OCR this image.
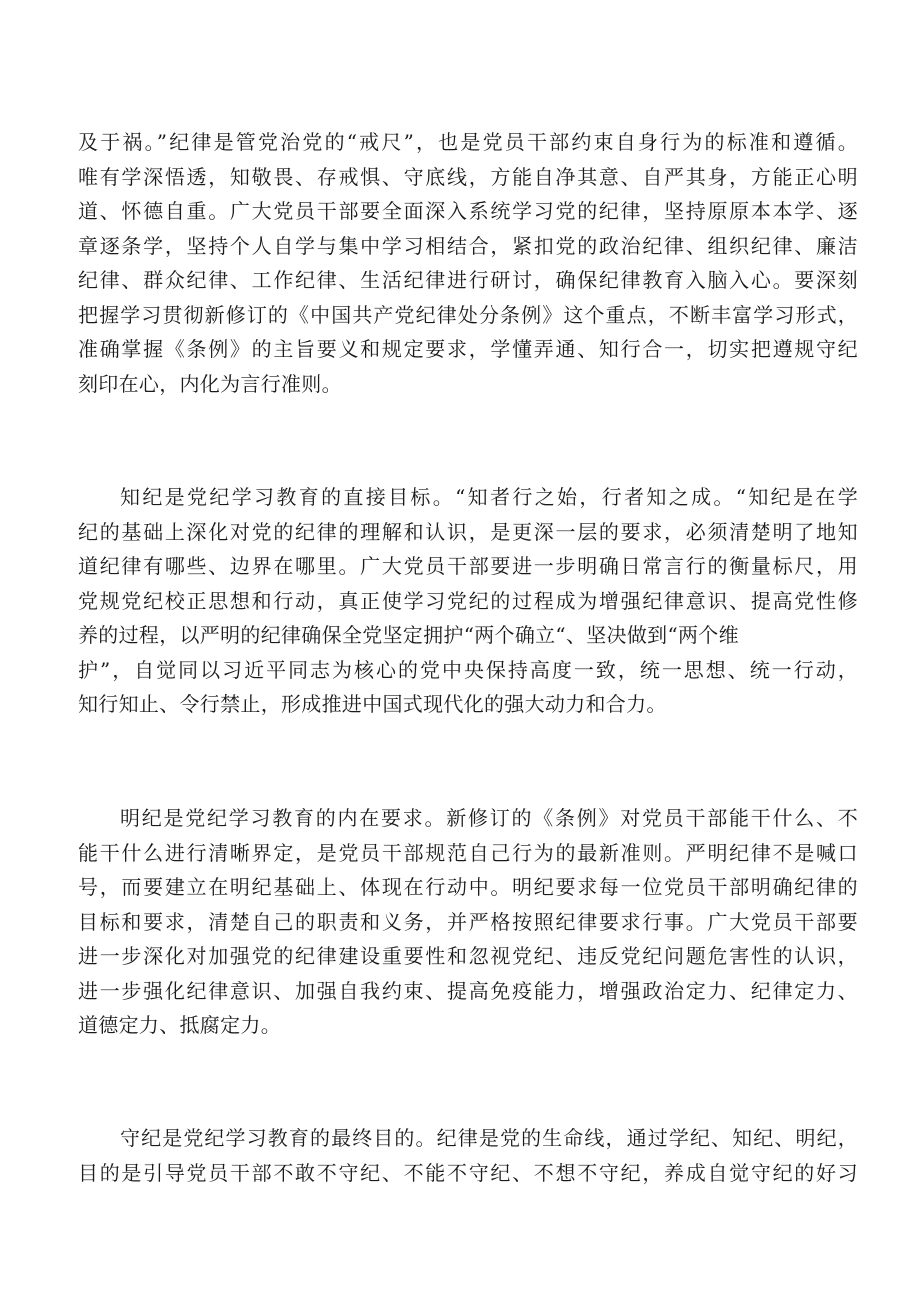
及于祸。”纪律是管党治党的“戒尺”，也是党员干部约束自身行为的标准和遵循。
唯有学深悟透，知敬畏、存戒惧、守底线，方能自净其意、自严其身，方能正心明
道、怀德自重。广大党员干部要全面深入系统学习党的纪律，坚持原原本本学、逐
章逐条学，坚持个人自学与集中学习相结合，紧扣党的政治纪律、组织纪律、廉洁
纪律、群众纪律、工作纪律、生活纪律进行研讨，确保纪律教育入脑入心。要深刻
把握学习贯彻新修订的《中国共产党纪律处分条例》这个重点，不断丰富学习形式，
准确掌握《条例》的主旨要义和规定要求，学懂弄通、知行合一，切实把遵规守纪
刻印在心，内化为言行准则。
知纪是党纪学习教育的直接目标。“知者行之始，行者知之成。“知纪是在学
纪的基础上深化对党的纪律的理解和认识，是更深一层的要求，必须清楚明了地知
道纪律有哪些、边界在哪里。广大党员干部要进一步明确日常言行的衡量标尺，用
党规党纪校正思想和行动，真正使学习党纪的过程成为增强纪律意识、提高党性修
养的过程，以严明的纪律确保全党坚定拥护“两个确立“、坚决做到“两个维
护”，自觉同以习近平同志为核心的党中央保持高度一致，统一思想、统一行动，
知行知止、令行禁止，形成推进中国式现代化的强大动力和合力。
明纪是党纪学习教育的内在要求。新修订的《条例》对党员干部能干什么、不
能干什么进行清晰界定，是党员干部规范自己行为的最新准则。严明纪律不是喊口
号，而要建立在明纪基础上、体现在行动中。明纪要求每一位党员干部明确纪律的
目标和要求，清楚自己的职责和义务，并严格按照纪律要求行事。广大党员干部要
进一步深化对加强党的纪律建设重要性和忽视党纪、违反党纪问题危害性的认识，
进一步强化纪律意识、加强自我约束、提高免疫能力，增强政治定力、纪律定力、
道德定力、抵腐定力。
守纪是党纪学习教育的最终目的。纪律是党的生命线，通过学纪、知纪、明纪，
目的是引导党员干部不敢不守纪、不能不守纪、不想不守纪，养成自觉守纪的好习
